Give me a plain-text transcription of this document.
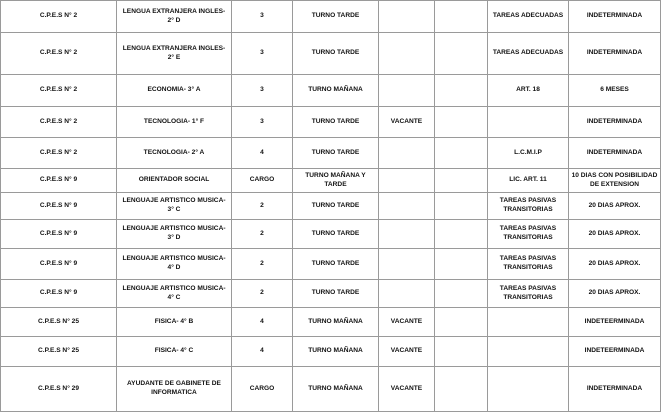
C.P.E.S N° 2	LENGUA EXTRANJERA INGLES- 2° D	3	TURNO TARDE			TAREAS ADECUADAS	INDETERMINADA
C.P.E.S N° 2	LENGUA EXTRANJERA INGLES- 2° E	3	TURNO TARDE			TAREAS ADECUADAS	INDETERMINADA
C.P.E.S N° 2	ECONOMIA- 3° A	3	TURNO MAÑANA			ART. 18	6 MESES
C.P.E.S N° 2	TECNOLOGIA- 1° F	3	TURNO TARDE	VACANTE			INDETERMINADA
C.P.E.S N° 2	TECNOLOGIA- 2° A	4	TURNO TARDE			L.C.M.I.P	INDETERMINADA
C.P.E.S N° 9	ORIENTADOR SOCIAL	CARGO	TURNO MAÑANA Y TARDE			LIC. ART. 11	10 DIAS CON POSIBILIDAD DE EXTENSION
C.P.E.S N° 9	LENGUAJE ARTISTICO MUSICA- 3° C	2	TURNO TARDE			TAREAS PASIVAS TRANSITORIAS	20 DIAS APROX.
C.P.E.S N° 9	LENGUAJE ARTISTICO MUSICA- 3° D	2	TURNO TARDE			TAREAS PASIVAS TRANSITORIAS	20 DIAS APROX.
C.P.E.S N° 9	LENGUAJE ARTISTICO MUSICA- 4° D	2	TURNO TARDE			TAREAS PASIVAS TRANSITORIAS	20 DIAS APROX.
C.P.E.S N° 9	LENGUAJE ARTISTICO MUSICA- 4° C	2	TURNO TARDE			TAREAS PASIVAS TRANSITORIAS	20 DIAS APROX.
C.P.E.S N° 25	FISICA- 4° B	4	TURNO MAÑANA	VACANTE			INDETEERMINADA
C.P.E.S N° 25	FISICA- 4° C	4	TURNO MAÑANA	VACANTE			INDETEERMINADA
C.P.E.S N° 29	AYUDANTE DE GABINETE DE INFORMATICA	CARGO	TURNO MAÑANA	VACANTE			INDETERMINADA
